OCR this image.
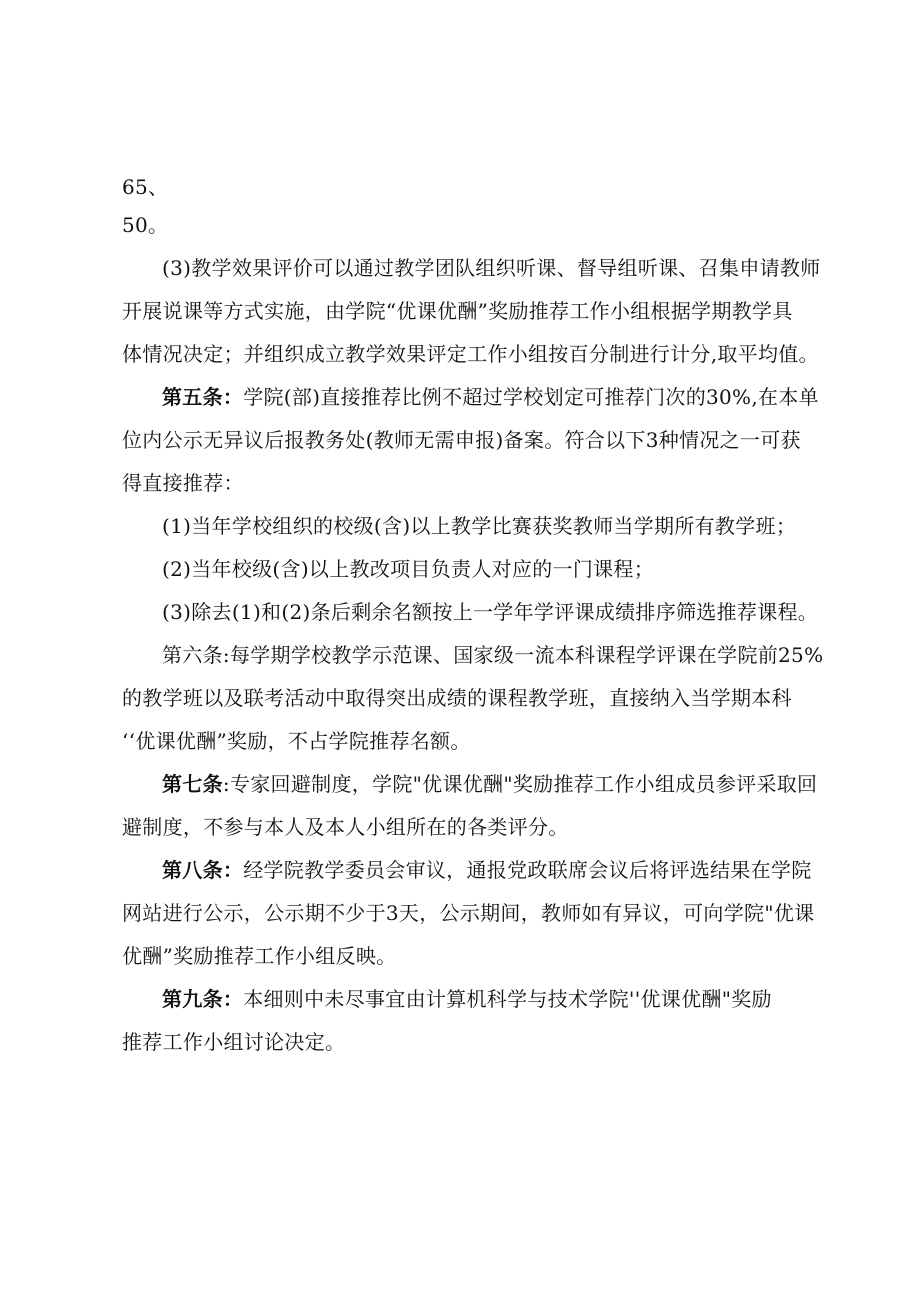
65、
50。
(3)教学效果评价可以通过教学团队组织听课、督导组听课、召集申请教师
开展说课等方式实施，由学院“优课优酬”奖励推荐工作小组根据学期教学具
体情况决定；并组织成立教学效果评定工作小组按百分制进行计分,取平均值。
第五条：学院(部)直接推荐比例不超过学校划定可推荐门次的30%,在本单
位内公示无异议后报教务处(教师无需申报)备案。符合以下3种情况之一可获
得直接推荐：
(1)当年学校组织的校级(含)以上教学比赛获奖教师当学期所有教学班；
(2)当年校级(含)以上教改项目负责人对应的一门课程；
(3)除去(1)和(2)条后剩余名额按上一学年学评课成绩排序筛选推荐课程。
第六条:每学期学校教学示范课、国家级一流本科课程学评课在学院前25%
的教学班以及联考活动中取得突出成绩的课程教学班，直接纳入当学期本科
‘‘优课优酬”奖励，不占学院推荐名额。
第七条:专家回避制度，学院"优课优酬"奖励推荐工作小组成员参评采取回
避制度，不参与本人及本人小组所在的各类评分。
第八条：经学院教学委员会审议，通报党政联席会议后将评选结果在学院
网站进行公示，公示期不少于3天，公示期间，教师如有异议，可向学院"优课
优酬”奖励推荐工作小组反映。
第九条：本细则中未尽事宜由计算机科学与技术学院''优课优酬"奖励
推荐工作小组讨论决定。
